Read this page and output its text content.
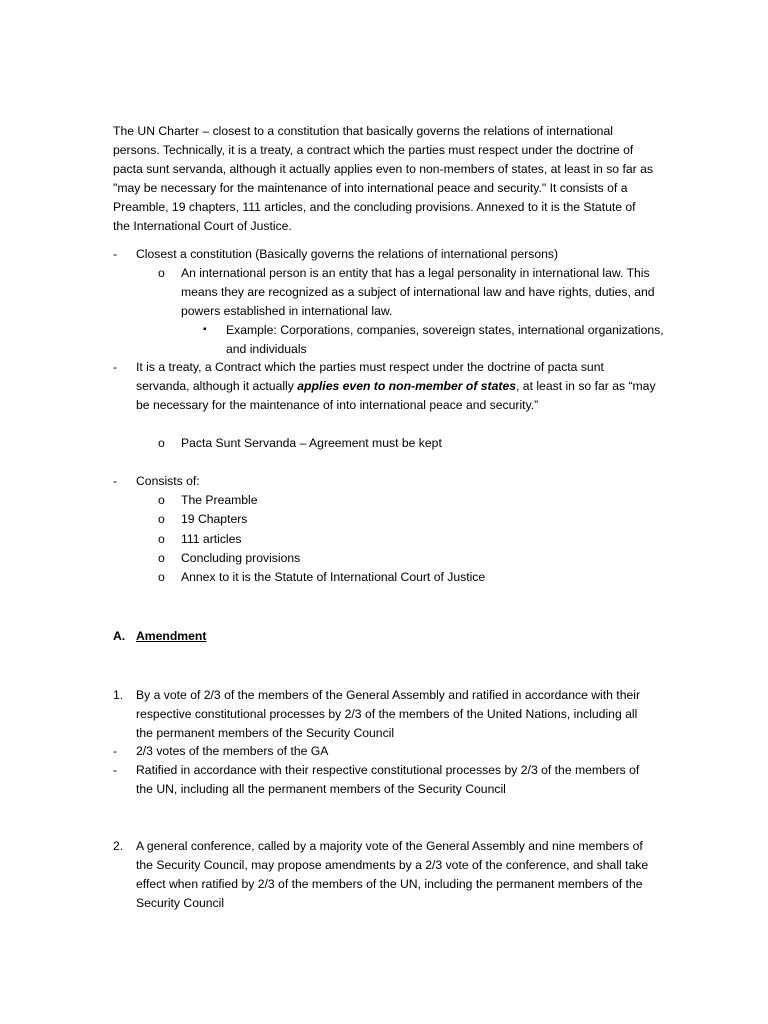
The UN Charter – closest to a constitution that basically governs the relations of international
persons. Technically, it is a treaty, a contract which the parties must respect under the doctrine of
pacta sunt servanda, although it actually applies even to non-members of states, at least in so far as
"may be necessary for the maintenance of into international peace and security." It consists of a
Preamble, 19 chapters, 111 articles, and the concluding provisions. Annexed to it is the Statute of
the International Court of Justice.
- Closest a constitution (Basically governs the relations of international persons)
o An international person is an entity that has a legal personality in international law. This
means they are recognized as a subject of international law and have rights, duties, and
powers established in international law.
▪ Example: Corporations, companies, sovereign states, international organizations,
and individuals
- It is a treaty, a Contract which the parties must respect under the doctrine of pacta sunt
servanda, although it actually applies even to non-member of states, at least in so far as “may
be necessary for the maintenance of into international peace and security.”
o Pacta Sunt Servanda – Agreement must be kept
- Consists of:
o The Preamble
o 19 Chapters
o 111 articles
o Concluding provisions
o Annex to it is the Statute of International Court of Justice
A. Amendment
1. By a vote of 2/3 of the members of the General Assembly and ratified in accordance with their
respective constitutional processes by 2/3 of the members of the United Nations, including all
the permanent members of the Security Council
- 2/3 votes of the members of the GA
- Ratified in accordance with their respective constitutional processes by 2/3 of the members of
the UN, including all the permanent members of the Security Council
2. A general conference, called by a majority vote of the General Assembly and nine members of
the Security Council, may propose amendments by a 2/3 vote of the conference, and shall take
effect when ratified by 2/3 of the members of the UN, including the permanent members of the
Security Council
